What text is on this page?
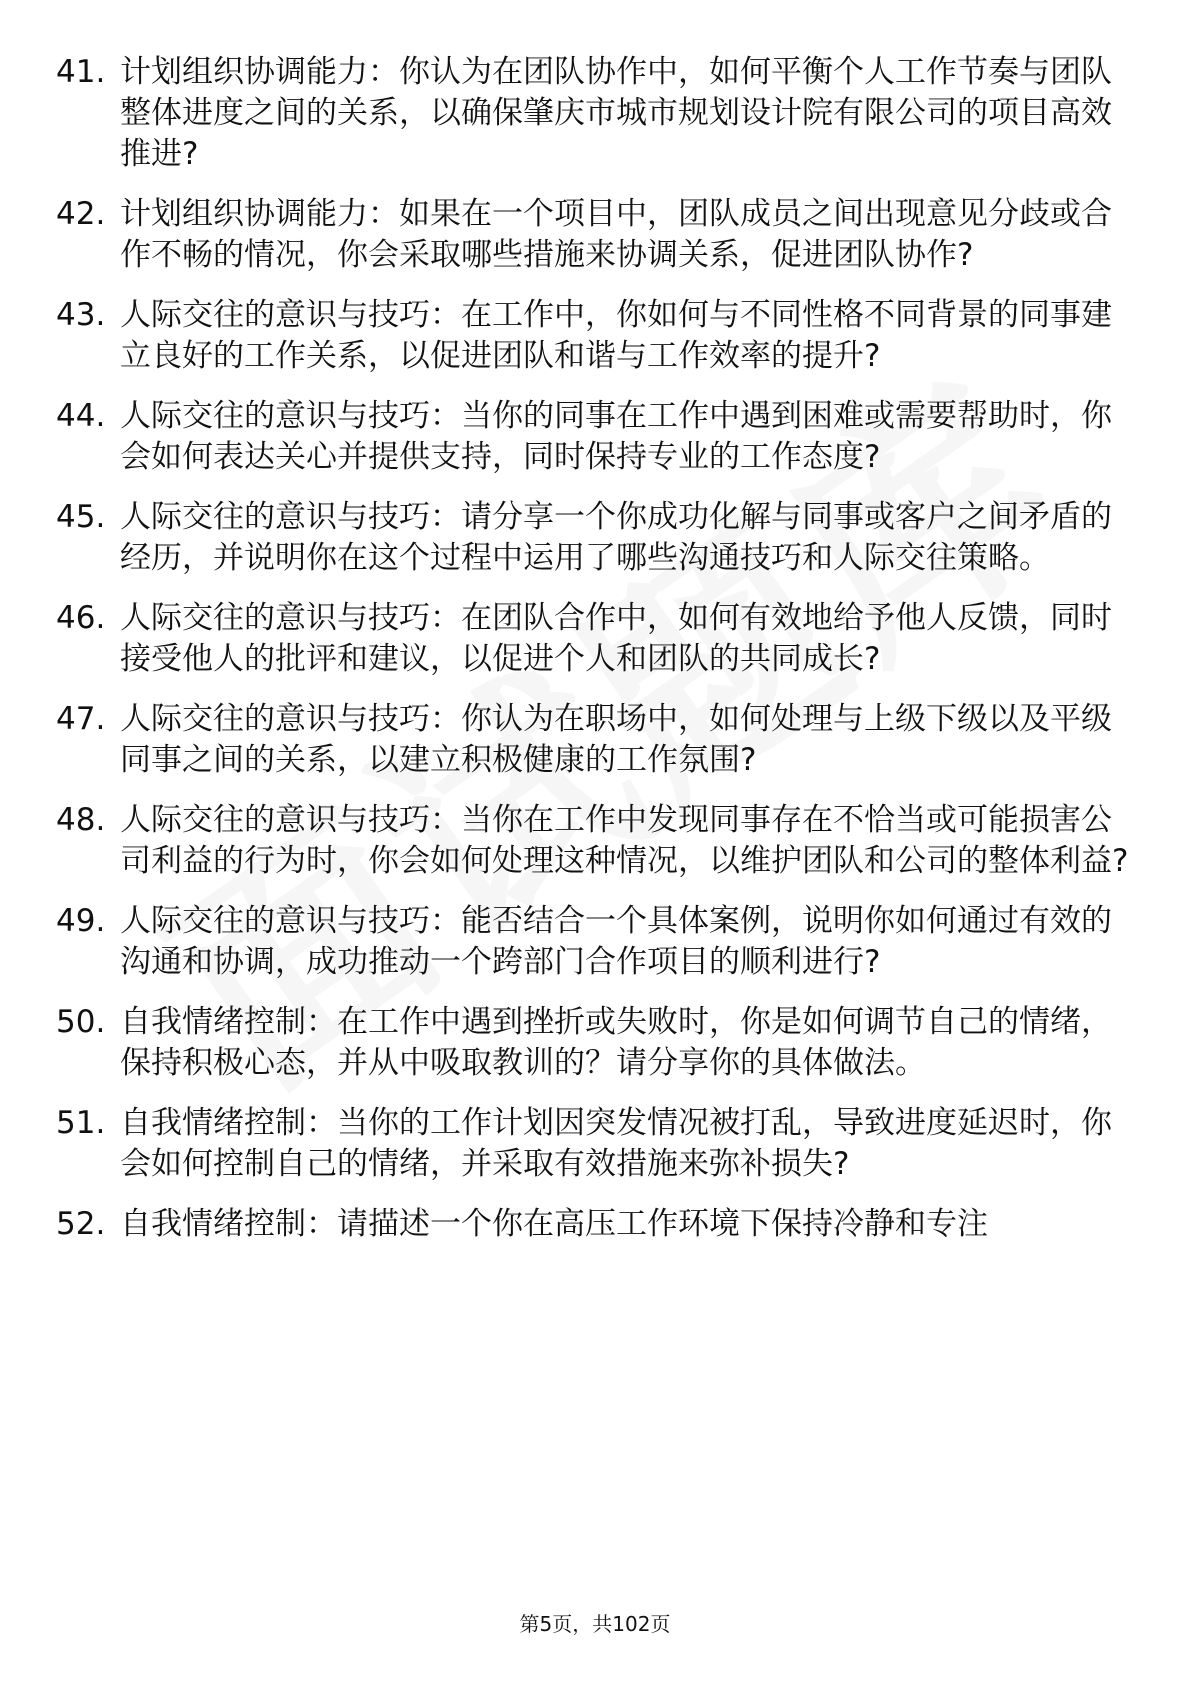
41. 计划组织协调能力：你认为在团队协作中，如何平衡个人工作节奏与团队整体进度之间的关系，以确保肇庆市城市规划设计院有限公司的项目高效推进?
42. 计划组织协调能力：如果在一个项目中，团队成员之间出现意见分歧或合作不畅的情况，你会采取哪些措施来协调关系，促进团队协作?
43. 人际交往的意识与技巧：在工作中，你如何与不同性格不同背景的同事建立良好的工作关系，以促进团队和谐与工作效率的提升?
44. 人际交往的意识与技巧：当你的同事在工作中遇到困难或需要帮助时，你会如何表达关心并提供支持，同时保持专业的工作态度?
45. 人际交往的意识与技巧：请分享一个你成功化解与同事或客户之间矛盾的经历，并说明你在这个过程中运用了哪些沟通技巧和人际交往策略。
46. 人际交往的意识与技巧：在团队合作中，如何有效地给予他人反馈，同时接受他人的批评和建议，以促进个人和团队的共同成长?
47. 人际交往的意识与技巧：你认为在职场中，如何处理与上级下级以及平级同事之间的关系，以建立积极健康的工作氛围?
48. 人际交往的意识与技巧：当你在工作中发现同事存在不恰当或可能损害公司利益的行为时，你会如何处理这种情况，以维护团队和公司的整体利益?
49. 人际交往的意识与技巧：能否结合一个具体案例，说明你如何通过有效的沟通和协调，成功推动一个跨部门合作项目的顺利进行?
50. 自我情绪控制：在工作中遇到挫折或失败时，你是如何调节自己的情绪，保持积极心态，并从中吸取教训的？请分享你的具体做法。
51. 自我情绪控制：当你的工作计划因突发情况被打乱，导致进度延迟时，你会如何控制自己的情绪，并采取有效措施来弥补损失?
52. 自我情绪控制：请描述一个你在高压工作环境下保持冷静和专注
第5页，共102页
